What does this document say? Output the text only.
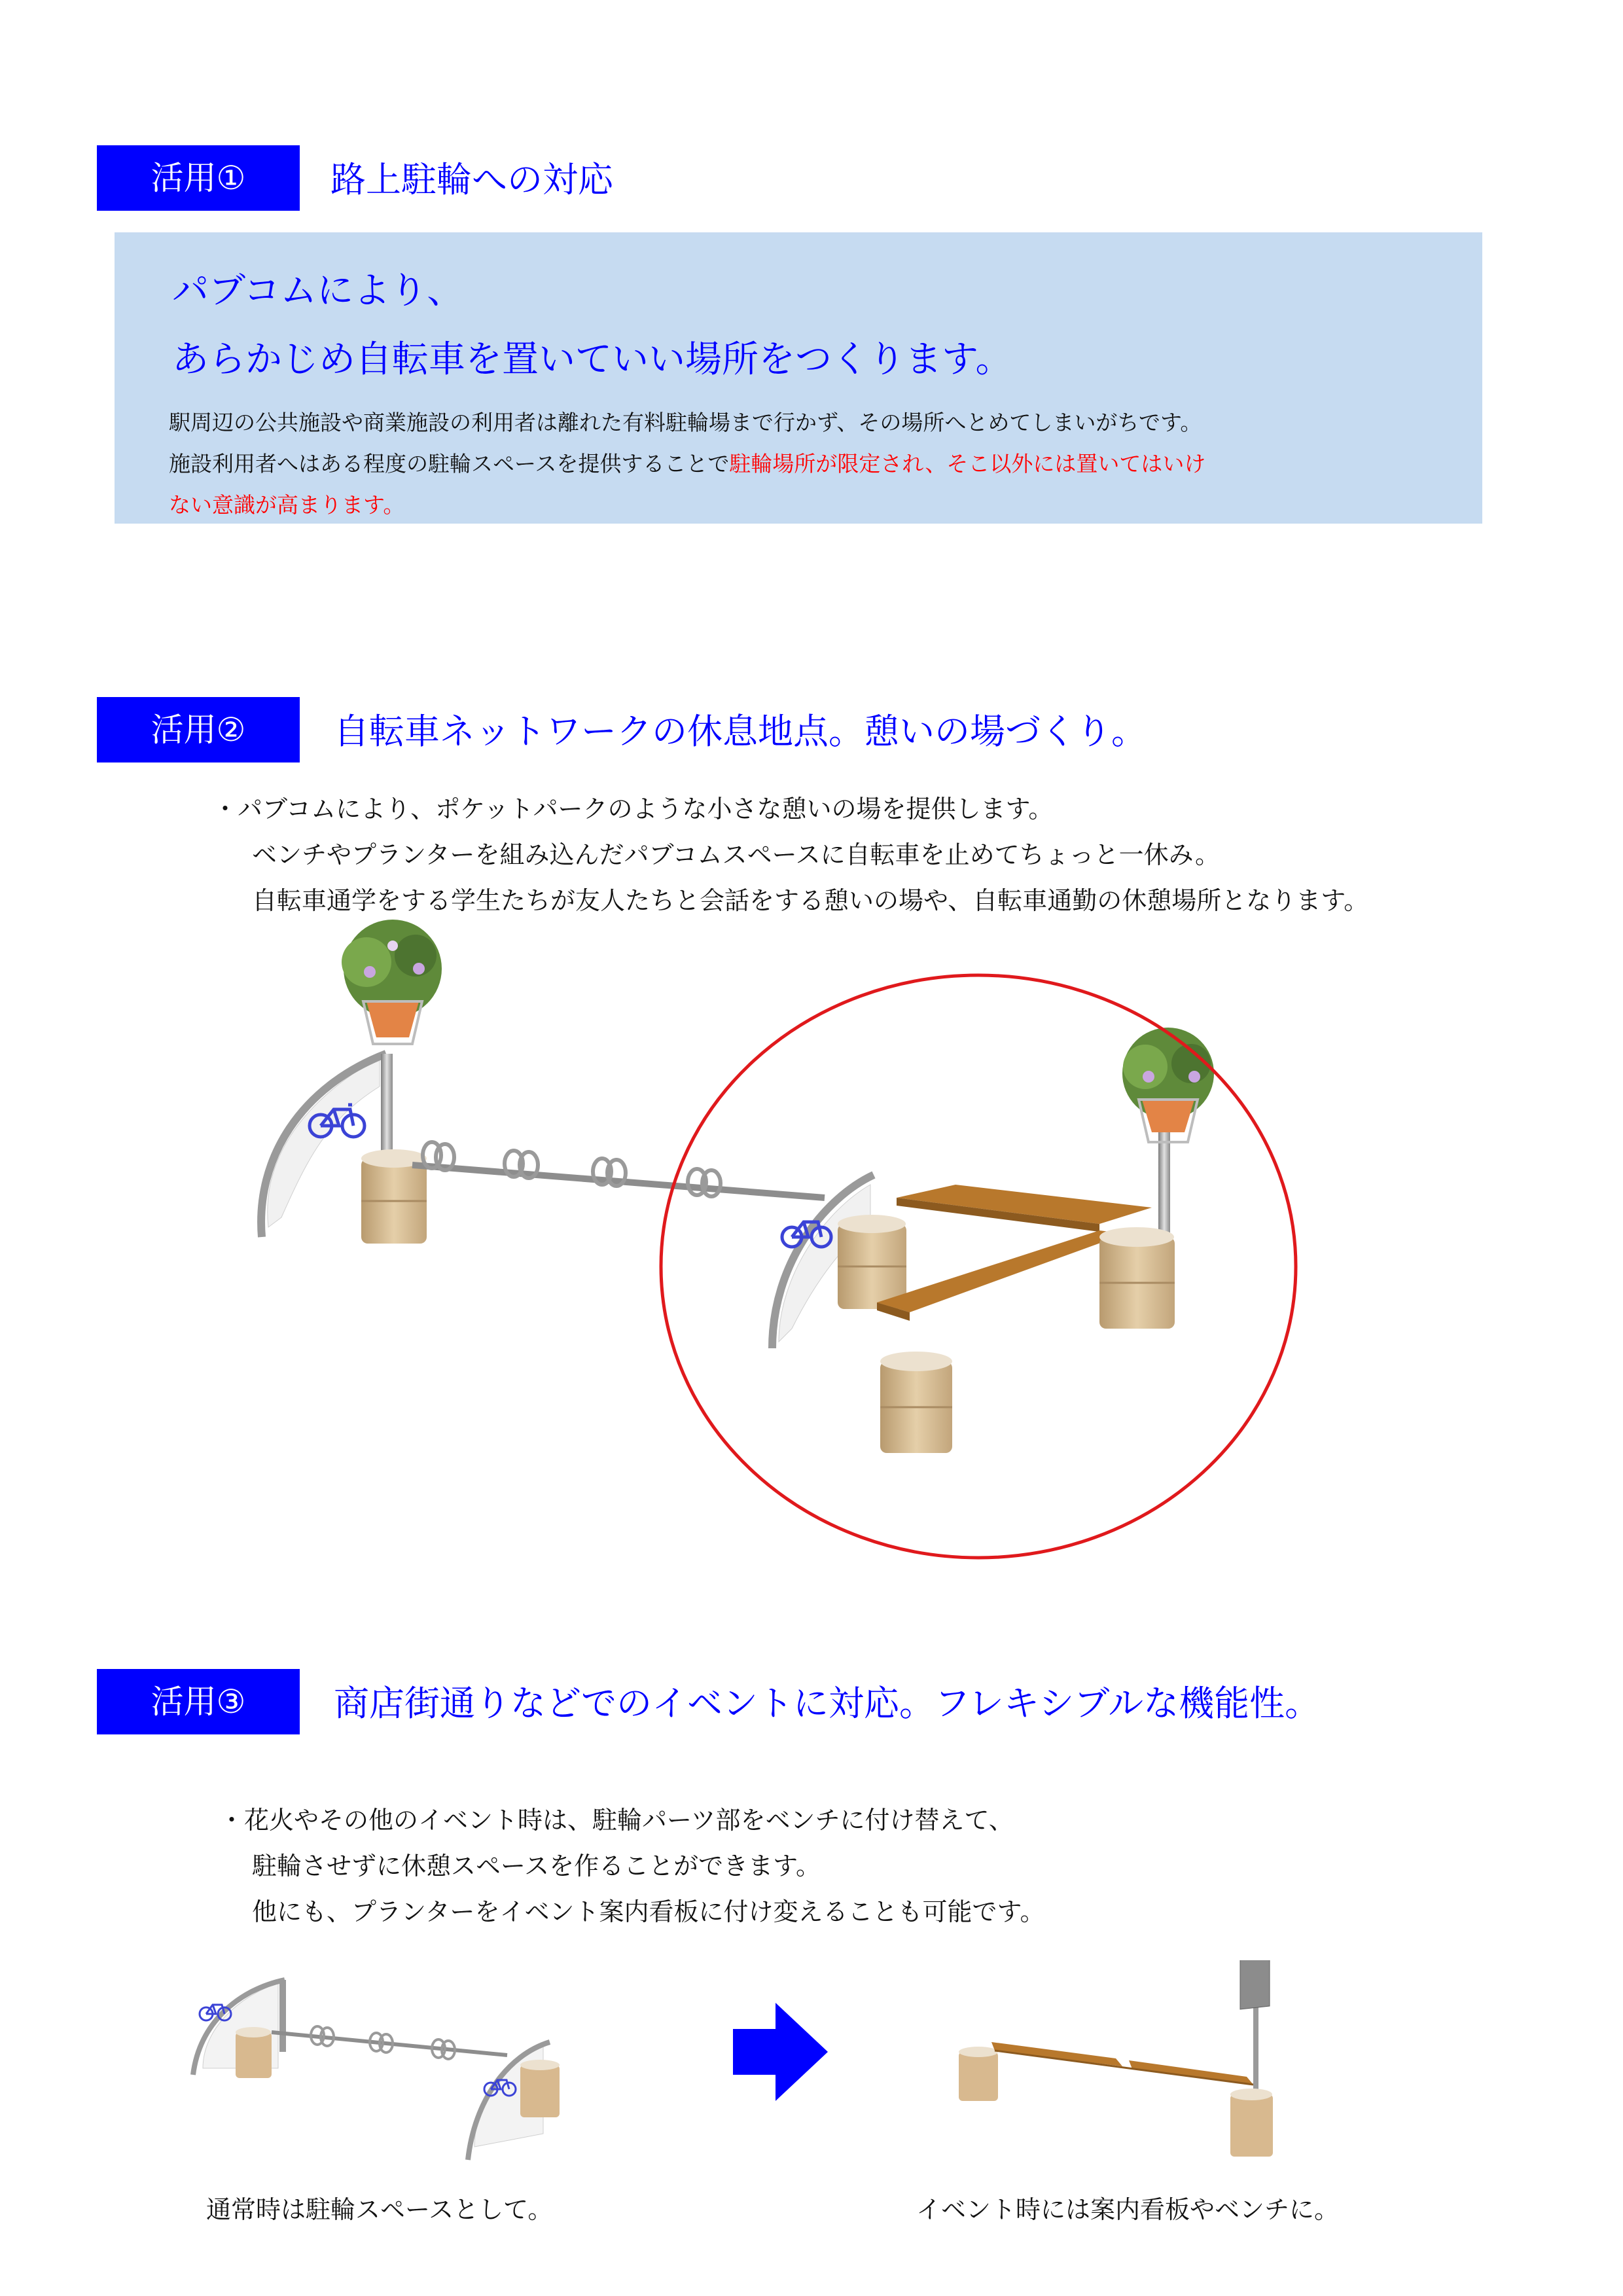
活用①	路上駐輪への対応
パブコムにより、
あらかじめ自転車を置いていい場所をつくります。
駅周辺の公共施設や商業施設の利用者は離れた有料駐輪場まで行かず、その場所へとめてしまいがちです。
施設利用者へはある程度の駐輪スペースを提供することで駐輪場所が限定され、そこ以外には置いてはいけ
ない意識が高まります。
活用②	自転車ネットワークの休息地点。憩いの場づくり。
・パブコムにより、ポケットパークのような小さな憩いの場を提供します。
ベンチやプランターを組み込んだパブコムスペースに自転車を止めてちょっと一休み。
自転車通学をする学生たちが友人たちと会話をする憩いの場や、自転車通勤の休憩場所となります。
活用③	商店街通りなどでのイベントに対応。フレキシブルな機能性。
・花火やその他のイベント時は、駐輪パーツ部をベンチに付け替えて、
駐輪させずに休憩スペースを作ることができます。
他にも、プランターをイベント案内看板に付け変えることも可能です。
通常時は駐輪スペースとして。	イベント時には案内看板やベンチに。
